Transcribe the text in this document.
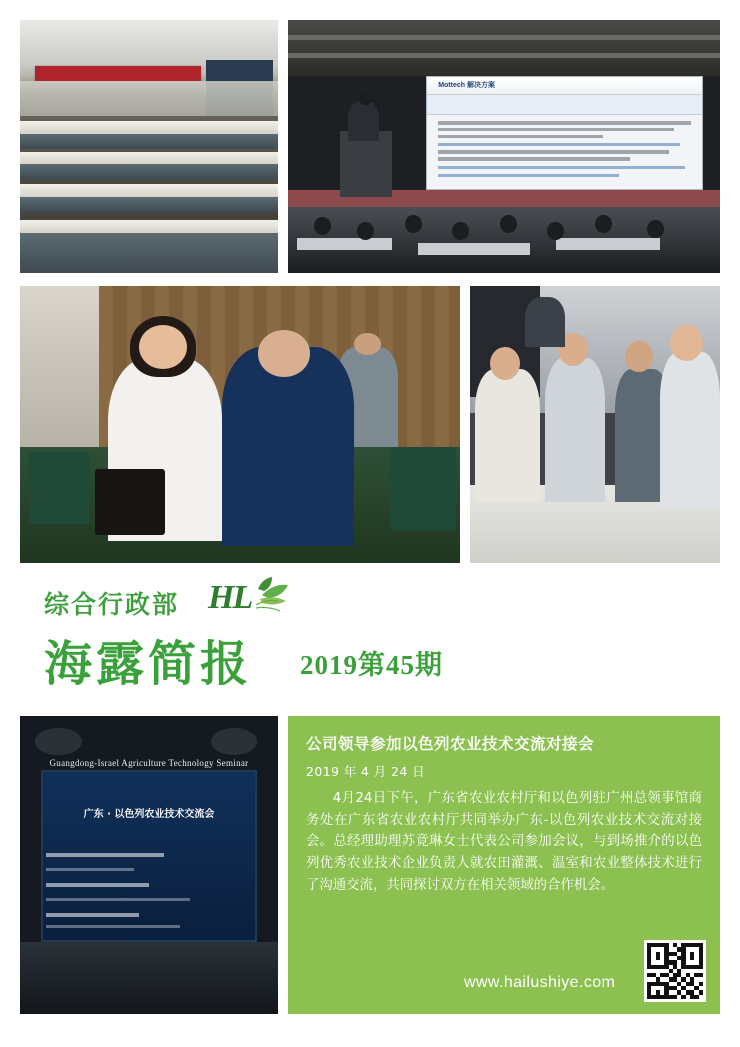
Mottech 解决方案

综合行政部 HL
海露简报 2019第45期
Guangdong-Israel Agriculture Technology Seminar
广东 · 以色列农业技术交流会
公司领导参加以色列农业技术交流对接会

2019 年 4 月 24 日

4月24日下午，广东省农业农村厅和以色列驻广州总领事馆商务处在广东省农业农村厅共同举办广东-以色列农业技术交流对接会。总经理助理苏竟琳女士代表公司参加会议，与到场推介的以色列优秀农业技术企业负责人就农田灌溉、温室和农业整体技术进行了沟通交流，共同探讨双方在相关领域的合作机会。

www.hailushiye.com
